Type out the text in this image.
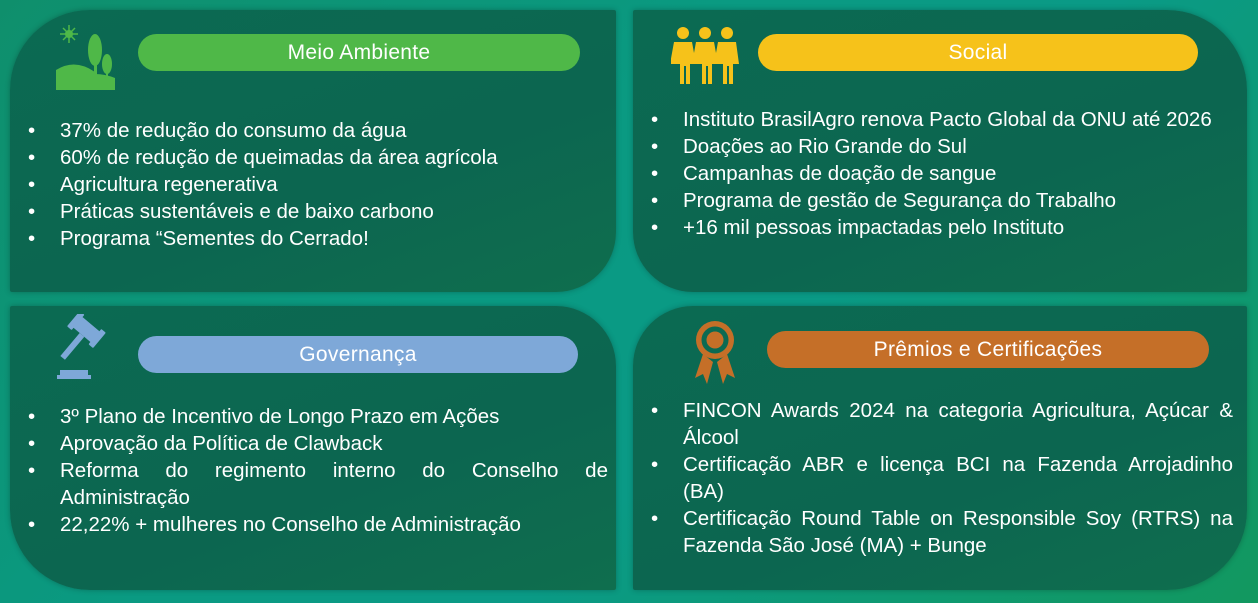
Meio Ambiente
• 37% de redução do consumo da água
• 60% de redução de queimadas da área agrícola
• Agricultura regenerativa
• Práticas sustentáveis e de baixo carbono
• Programa “Sementes do Cerrado!
Social
• Instituto BrasilAgro renova Pacto Global da ONU até 2026
• Doações ao Rio Grande do Sul
• Campanhas de doação de sangue
• Programa de gestão de Segurança do Trabalho
• +16 mil pessoas impactadas pelo Instituto
Governança
• 3º Plano de Incentivo de Longo Prazo em Ações
• Aprovação da Política de Clawback
• Reforma do regimento interno do Conselho de Administração
• 22,22% + mulheres no Conselho de Administração
Prêmios e Certificações
• FINCON Awards 2024 na categoria Agricultura, Açúcar & Álcool
• Certificação ABR e licença BCI na Fazenda Arrojadinho (BA)
• Certificação Round Table on Responsible Soy (RTRS) na Fazenda São José (MA) + Bunge
